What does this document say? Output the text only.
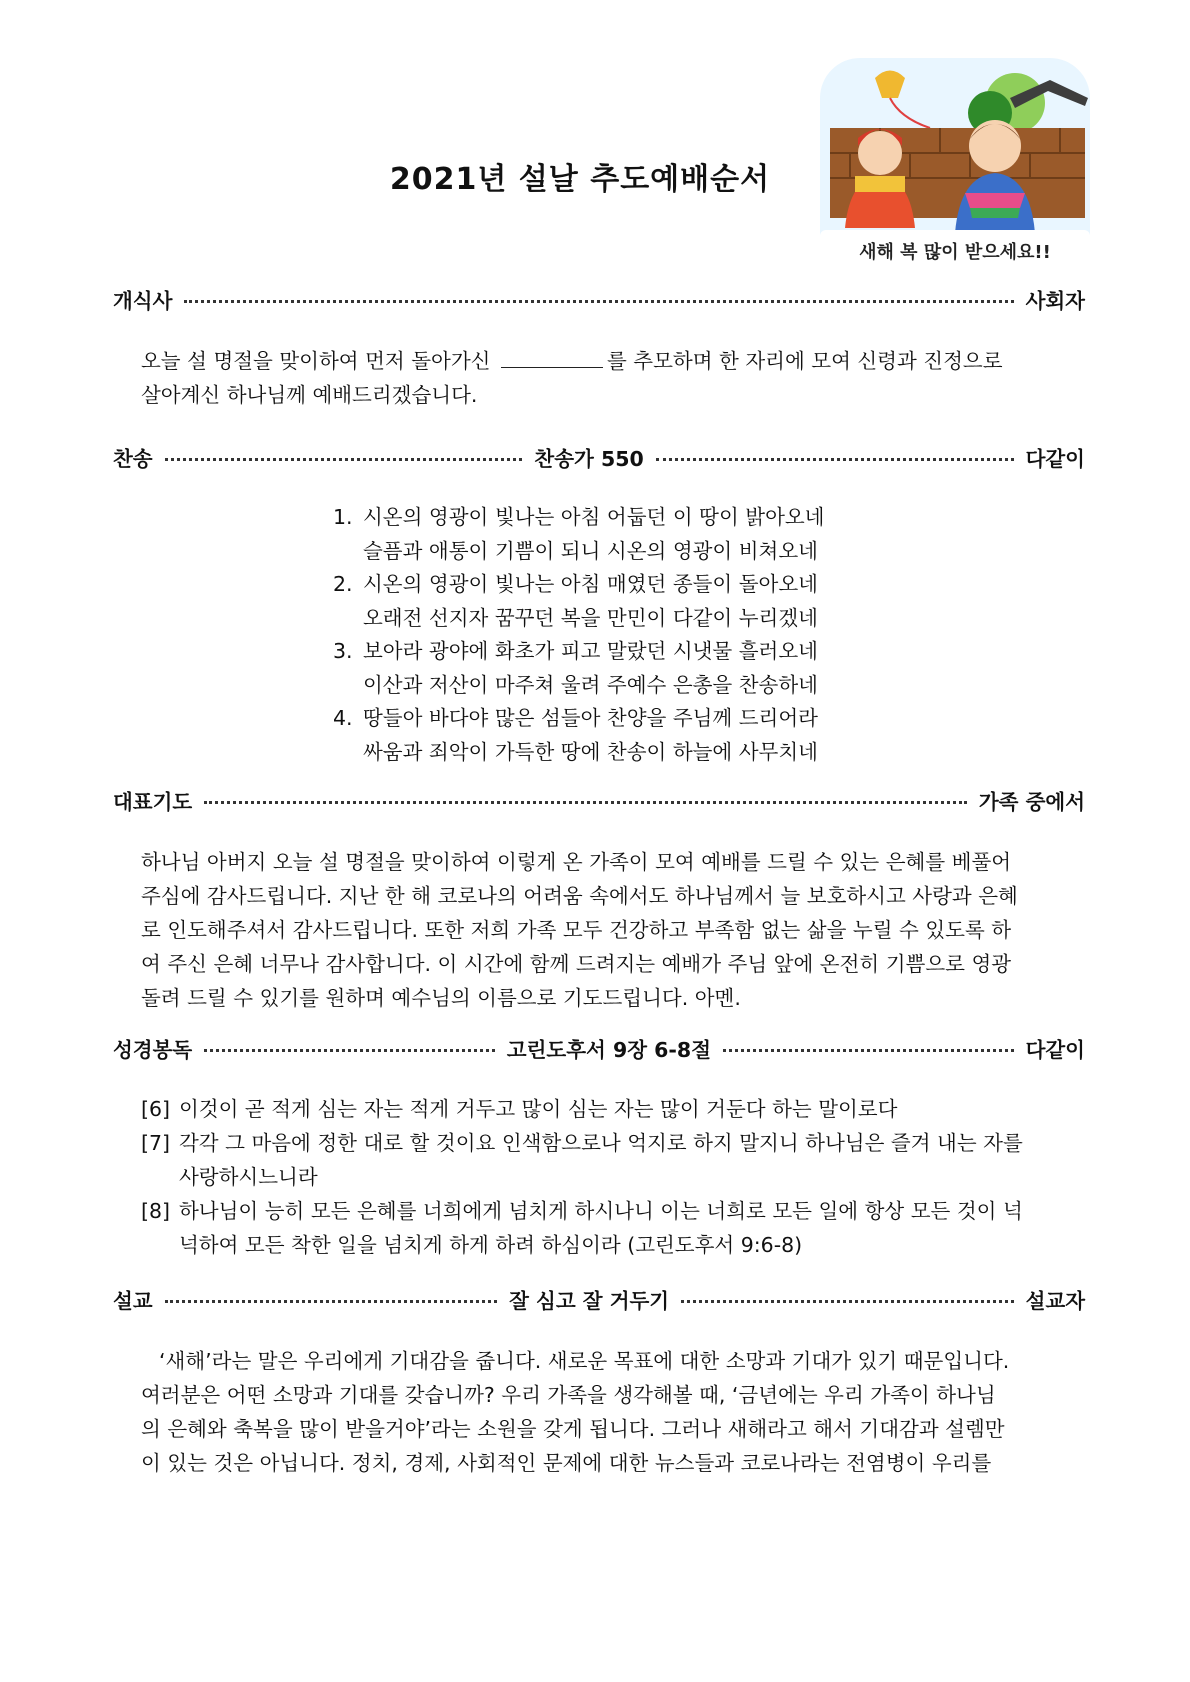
2021년 설날 추도예배순서
새해 복 많이 받으세요!!
개식사	사회자
오늘 설 명절을 맞이하여 먼저 돌아가신	를 추모하며 한 자리에 모여 신령과 진정으로
살아계신 하나님께 예배드리겠습니다.
찬송	찬송가 550	다같이
1. 시온의 영광이 빛나는 아침 어둡던 이 땅이 밝아오네
슬픔과 애통이 기쁨이 되니 시온의 영광이 비쳐오네
2. 시온의 영광이 빛나는 아침 매였던 종들이 돌아오네
오래전 선지자 꿈꾸던 복을 만민이 다같이 누리겠네
3. 보아라 광야에 화초가 피고 말랐던 시냇물 흘러오네
이산과 저산이 마주쳐 울려 주예수 은총을 찬송하네
4. 땅들아 바다야 많은 섬들아 찬양을 주님께 드리어라
싸움과 죄악이 가득한 땅에 찬송이 하늘에 사무치네
대표기도	가족 중에서
하나님 아버지 오늘 설 명절을 맞이하여 이렇게 온 가족이 모여 예배를 드릴 수 있는 은혜를 베풀어
주심에 감사드립니다. 지난 한 해 코로나의 어려움 속에서도 하나님께서 늘 보호하시고 사랑과 은혜
로 인도해주셔서 감사드립니다. 또한 저희 가족 모두 건강하고 부족함 없는 삶을 누릴 수 있도록 하
여 주신 은혜 너무나 감사합니다. 이 시간에 함께 드려지는 예배가 주님 앞에 온전히 기쁨으로 영광
돌려 드릴 수 있기를 원하며 예수님의 이름으로 기도드립니다. 아멘.
성경봉독	고린도후서 9장 6-8절	다같이
[6] 이것이 곧 적게 심는 자는 적게 거두고 많이 심는 자는 많이 거둔다 하는 말이로다
[7] 각각 그 마음에 정한 대로 할 것이요 인색함으로나 억지로 하지 말지니 하나님은 즐겨 내는 자를
사랑하시느니라
[8] 하나님이 능히 모든 은혜를 너희에게 넘치게 하시나니 이는 너희로 모든 일에 항상 모든 것이 넉
넉하여 모든 착한 일을 넘치게 하게 하려 하심이라 (고린도후서 9:6-8)
설교	잘 심고 잘 거두기	설교자
‘새해’라는 말은 우리에게 기대감을 줍니다. 새로운 목표에 대한 소망과 기대가 있기 때문입니다.
여러분은 어떤 소망과 기대를 갖습니까? 우리 가족을 생각해볼 때, ‘금년에는 우리 가족이 하나님
의 은혜와 축복을 많이 받을거야’라는 소원을 갖게 됩니다. 그러나 새해라고 해서 기대감과 설렘만
이 있는 것은 아닙니다. 정치, 경제, 사회적인 문제에 대한 뉴스들과 코로나라는 전염병이 우리를
